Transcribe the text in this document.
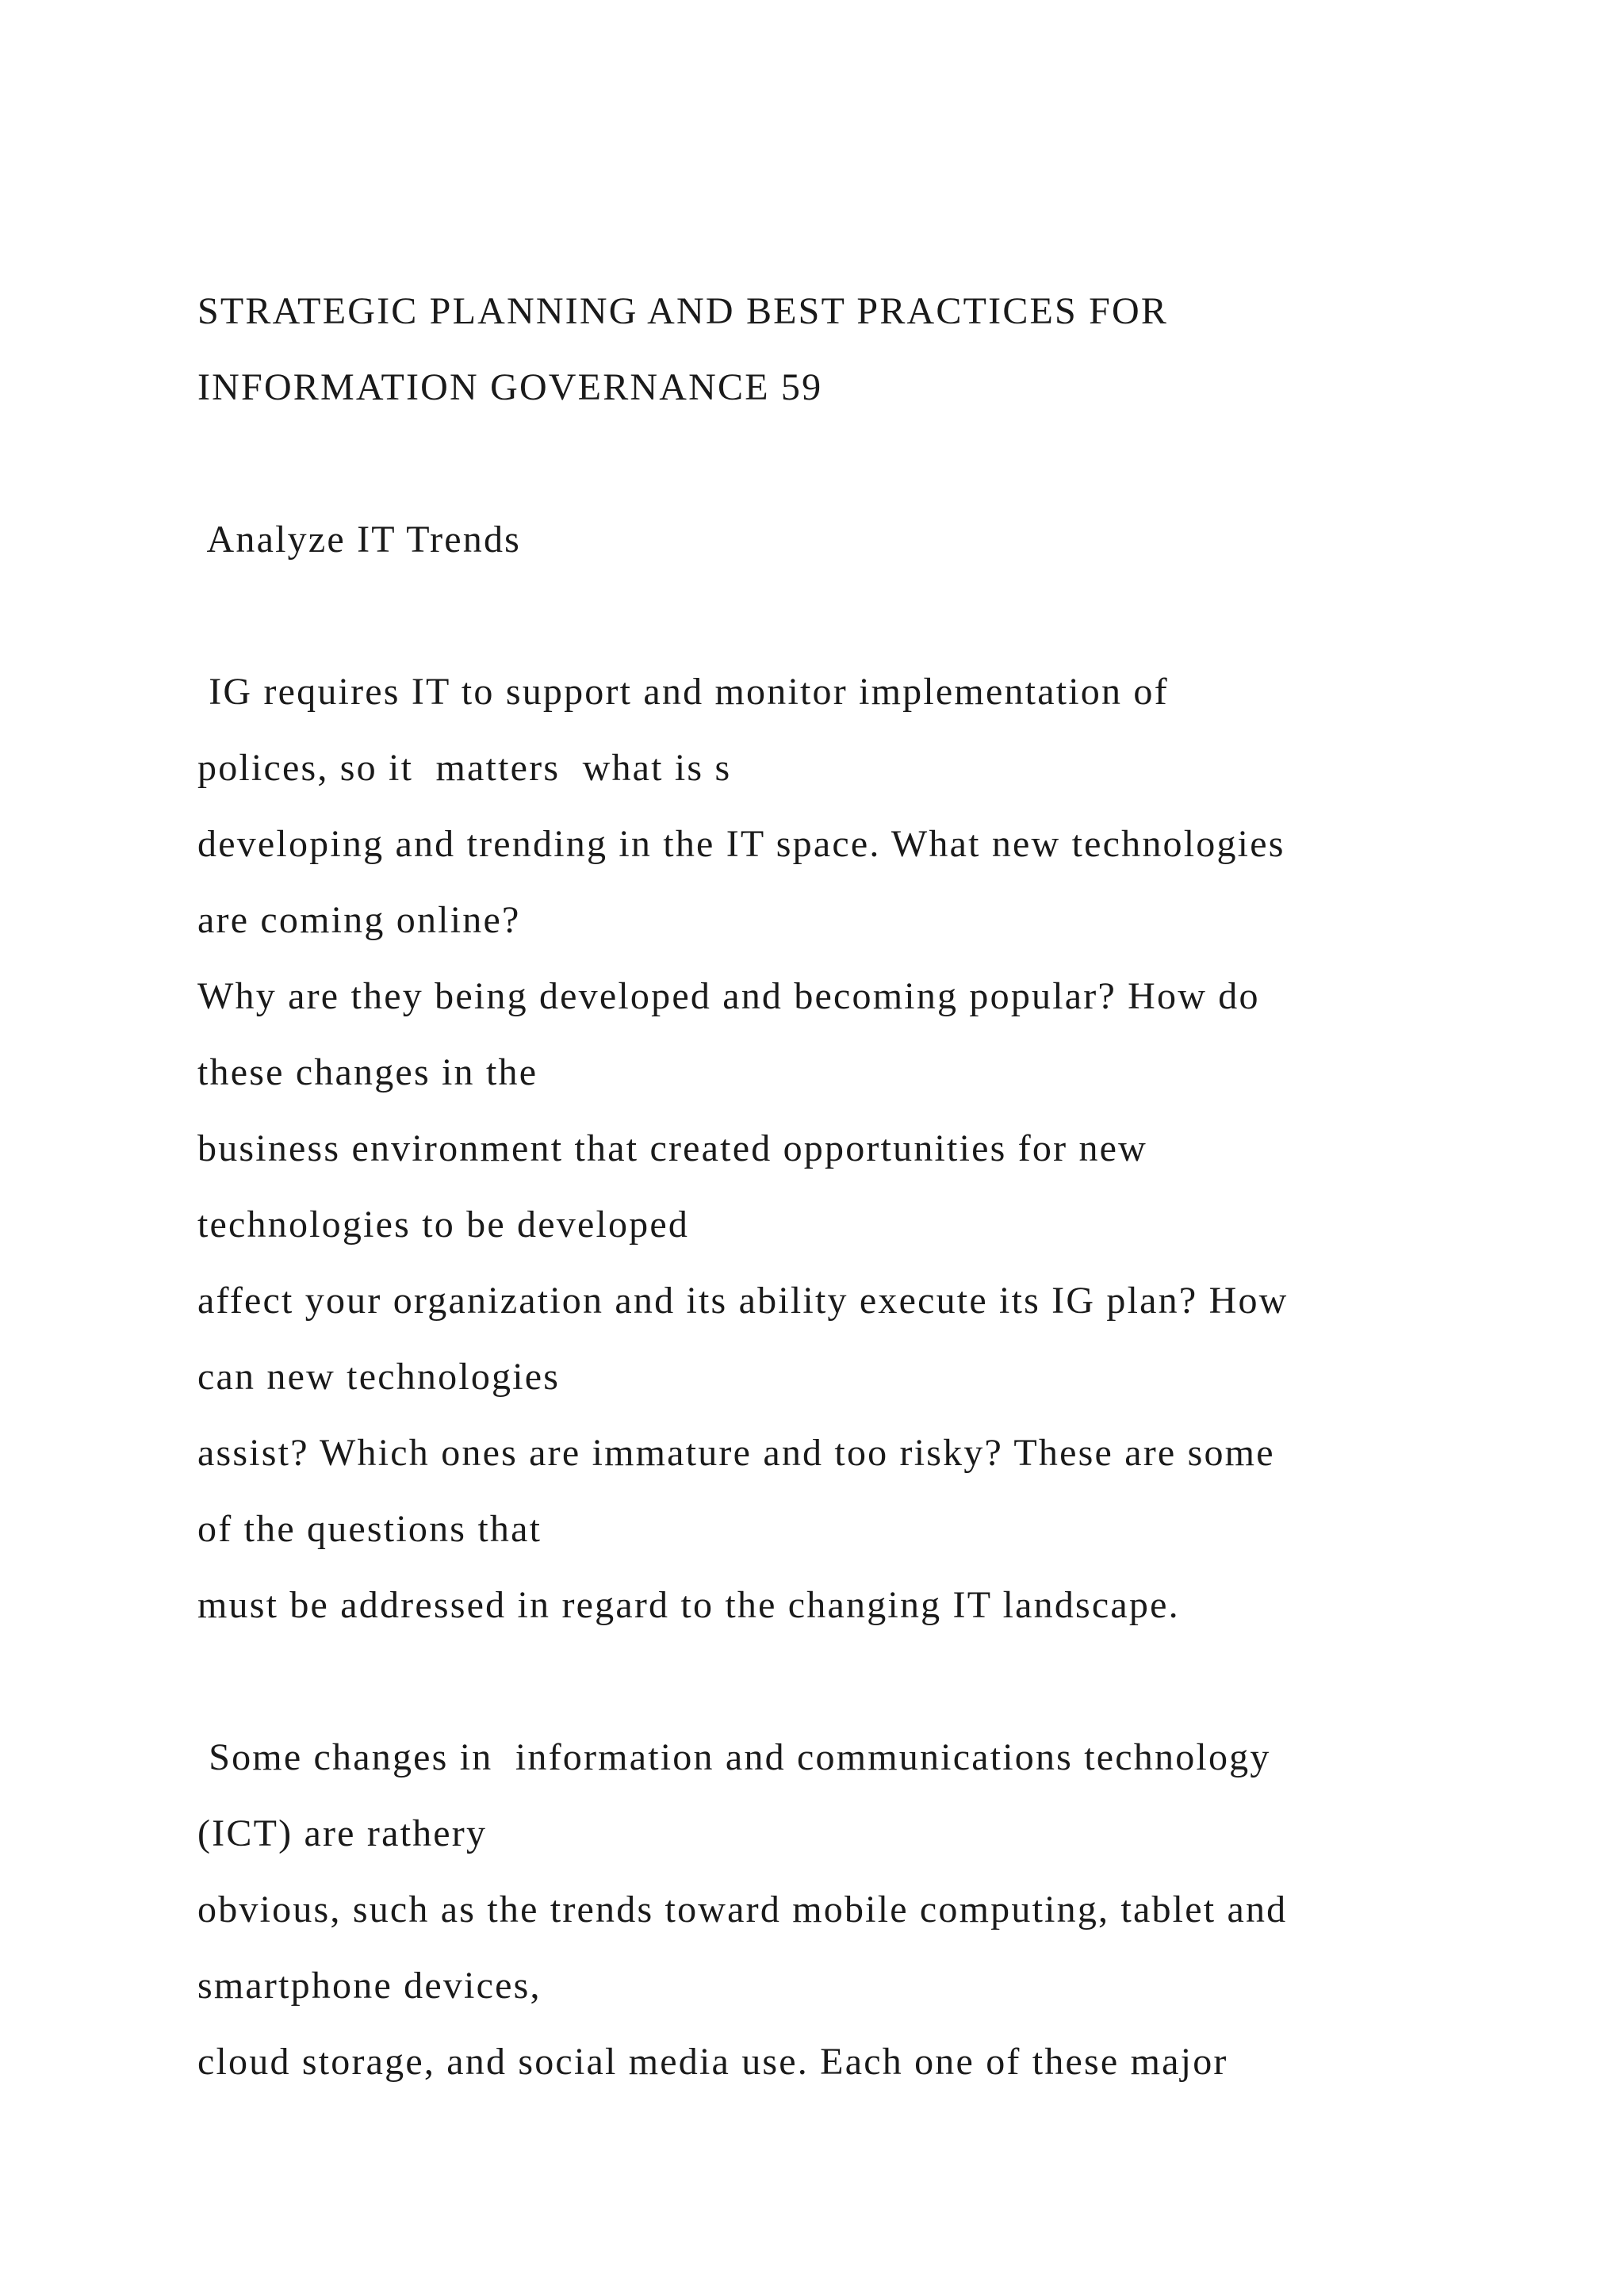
STRATEGIC PLANNING AND BEST PRACTICES FOR
INFORMATION GOVERNANCE 59
Analyze IT Trends
IG requires IT to support and monitor implementation of
polices, so it  matters  what is s
developing and trending in the IT space. What new technologies
are coming online?
Why are they being developed and becoming popular? How do
these changes in the
business environment that created opportunities for new
technologies to be developed
affect your organization and its ability execute its IG plan? How
can new technologies
assist? Which ones are immature and too risky? These are some
of the questions that
must be addressed in regard to the changing IT landscape.
Some changes in  information and communications technology
(ICT) are rathery
obvious, such as the trends toward mobile computing, tablet and
smartphone devices,
cloud storage, and social media use. Each one of these major
